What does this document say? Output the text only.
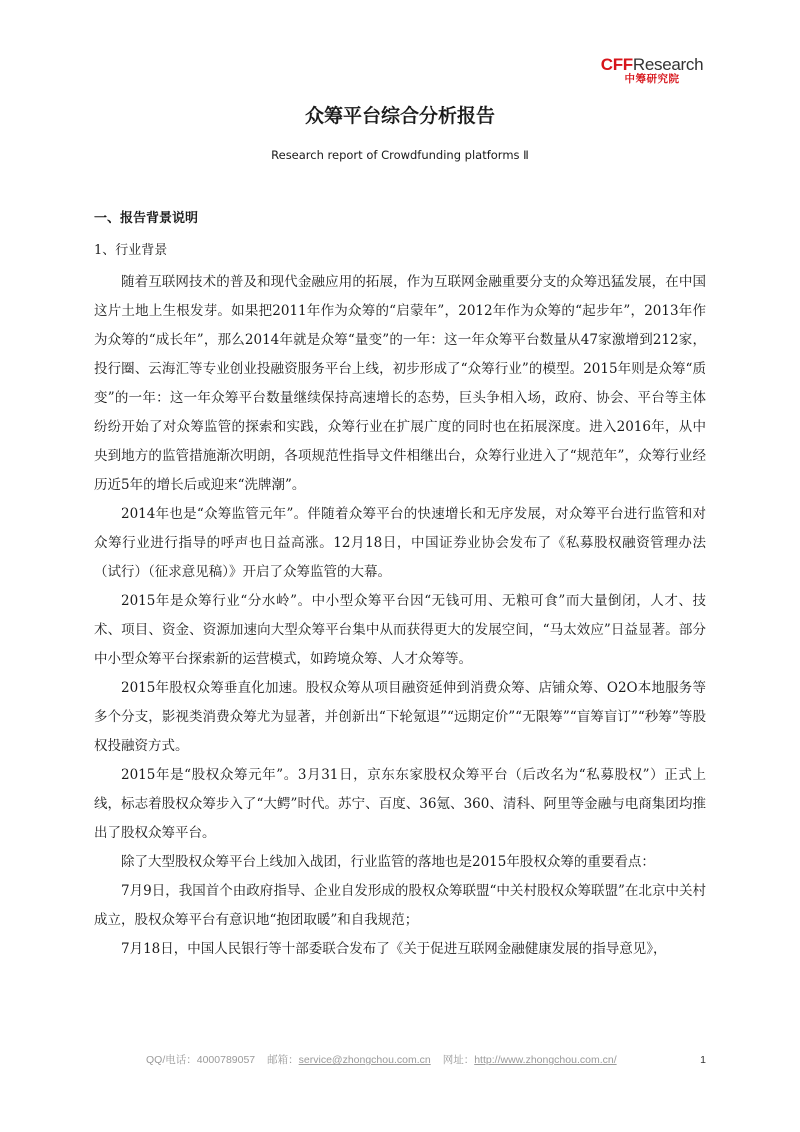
CFFResearch
中筹研究院
众筹平台综合分析报告
Research report of Crowdfunding platforms Ⅱ
一、报告背景说明
1、行业背景

随着互联网技术的普及和现代金融应用的拓展，作为互联网金融重要分支的众筹迅猛发展，在中国这片土地上生根发芽。如果把2011年作为众筹的“启蒙年”，2012年作为众筹的“起步年”，2013年作为众筹的“成长年”，那么2014年就是众筹“量变”的一年：这一年众筹平台数量从47家激增到212家，投行圈、云海汇等专业创业投融资服务平台上线，初步形成了“众筹行业”的模型。2015年则是众筹“质变”的一年：这一年众筹平台数量继续保持高速增长的态势，巨头争相入场，政府、协会、平台等主体纷纷开始了对众筹监管的探索和实践，众筹行业在扩展广度的同时也在拓展深度。进入2016年，从中央到地方的监管措施渐次明朗，各项规范性指导文件相继出台，众筹行业进入了“规范年”，众筹行业经历近5年的增长后或迎来“洗牌潮”。

2014年也是“众筹监管元年”。伴随着众筹平台的快速增长和无序发展，对众筹平台进行监管和对众筹行业进行指导的呼声也日益高涨。12月18日，中国证券业协会发布了《私募股权融资管理办法（试行）（征求意见稿）》开启了众筹监管的大幕。

2015年是众筹行业“分水岭”。中小型众筹平台因“无钱可用、无粮可食”而大量倒闭，人才、技术、项目、资金、资源加速向大型众筹平台集中从而获得更大的发展空间，“马太效应”日益显著。部分中小型众筹平台探索新的运营模式，如跨境众筹、人才众筹等。

2015年股权众筹垂直化加速。股权众筹从项目融资延伸到消费众筹、店铺众筹、O2O本地服务等多个分支，影视类消费众筹尤为显著，并创新出“下轮氪退”“远期定价”“无限筹”“盲筹盲订”“秒筹”等股权投融资方式。

2015年是“股权众筹元年”。3月31日，京东东家股权众筹平台（后改名为“私募股权”）正式上线，标志着股权众筹步入了“大鳄”时代。苏宁、百度、36氪、360、清科、阿里等金融与电商集团均推出了股权众筹平台。

除了大型股权众筹平台上线加入战团，行业监管的落地也是2015年股权众筹的重要看点：

7月9日，我国首个由政府指导、企业自发形成的股权众筹联盟“中关村股权众筹联盟”在北京中关村成立，股权众筹平台有意识地“抱团取暖”和自我规范；

7月18日，中国人民银行等十部委联合发布了《关于促进互联网金融健康发展的指导意见》，

QQ/电话：4000789057 邮箱：service@zhongchou.com.cn 网址：http://www.zhongchou.com.cn/	1
